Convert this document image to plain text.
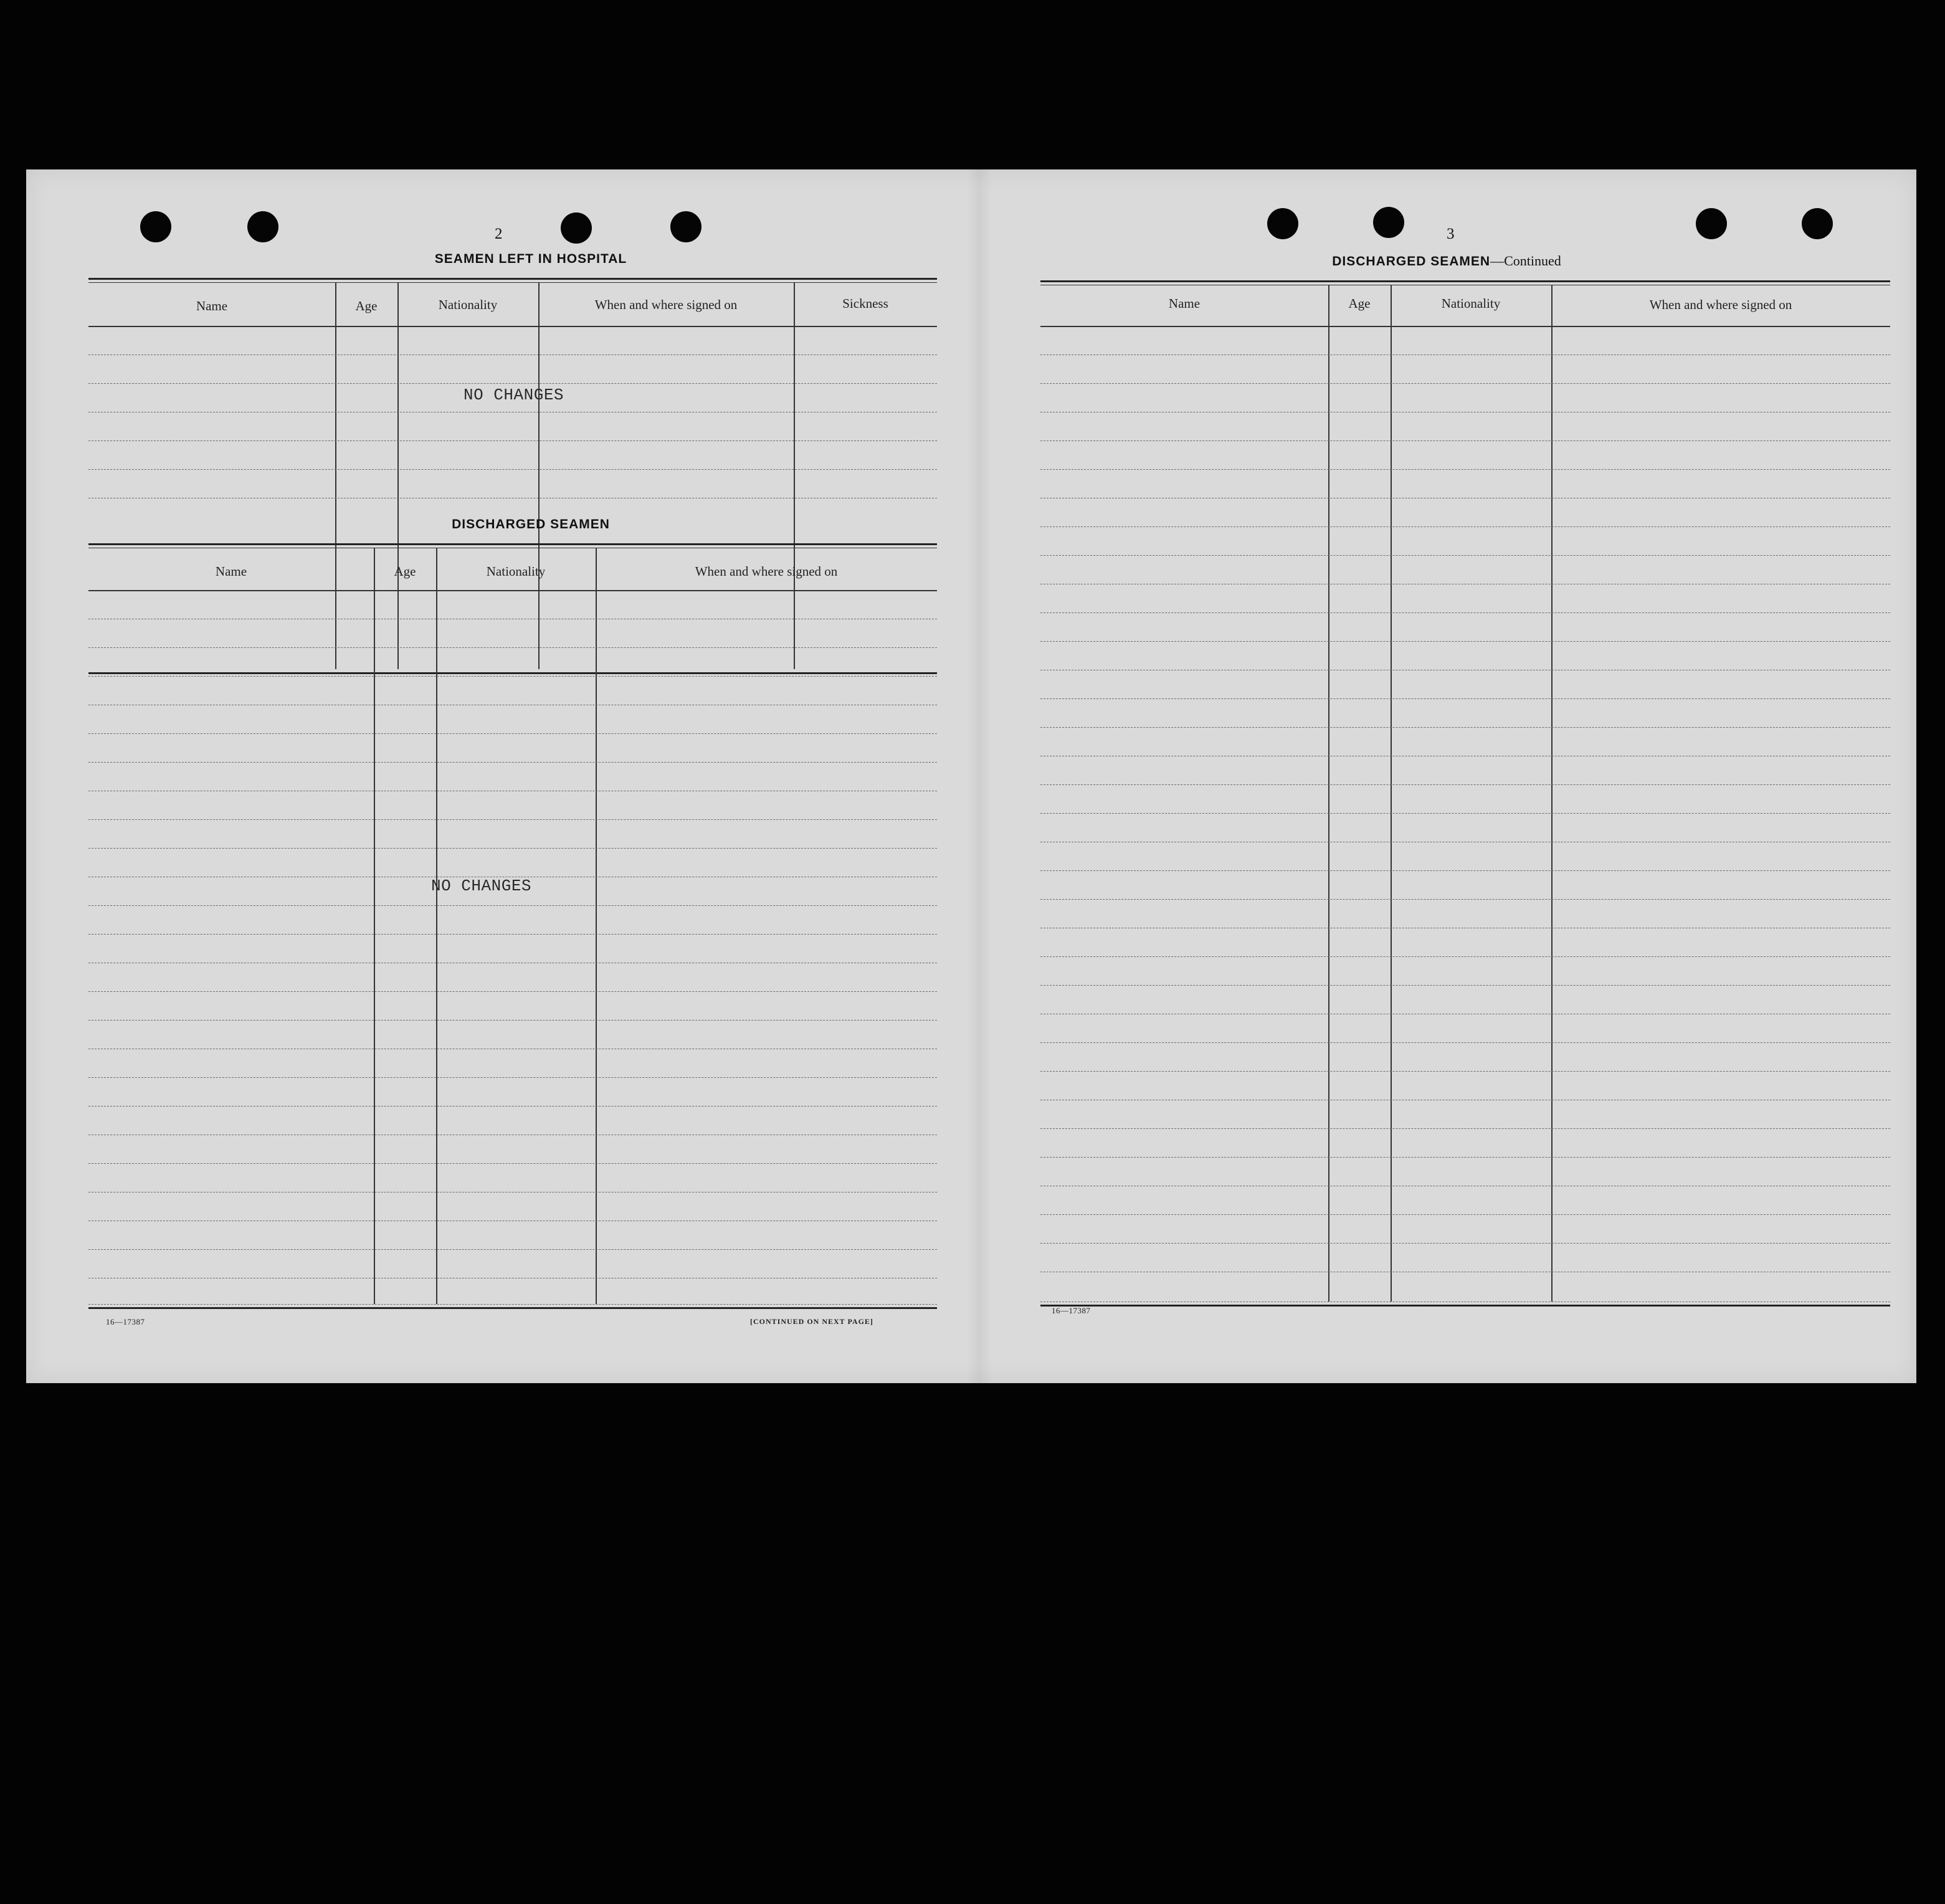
2
SEAMEN LEFT IN HOSPITAL
Name	Age	Nationality	When and where signed on	Sickness
NO CHANGES
DISCHARGED SEAMEN
Name	Age	Nationality	When and where signed on
NO CHANGES
16—17387	[CONTINUED ON NEXT PAGE]
3
DISCHARGED SEAMEN—Continued
Name	Age	Nationality	When and where signed on
16—17387
